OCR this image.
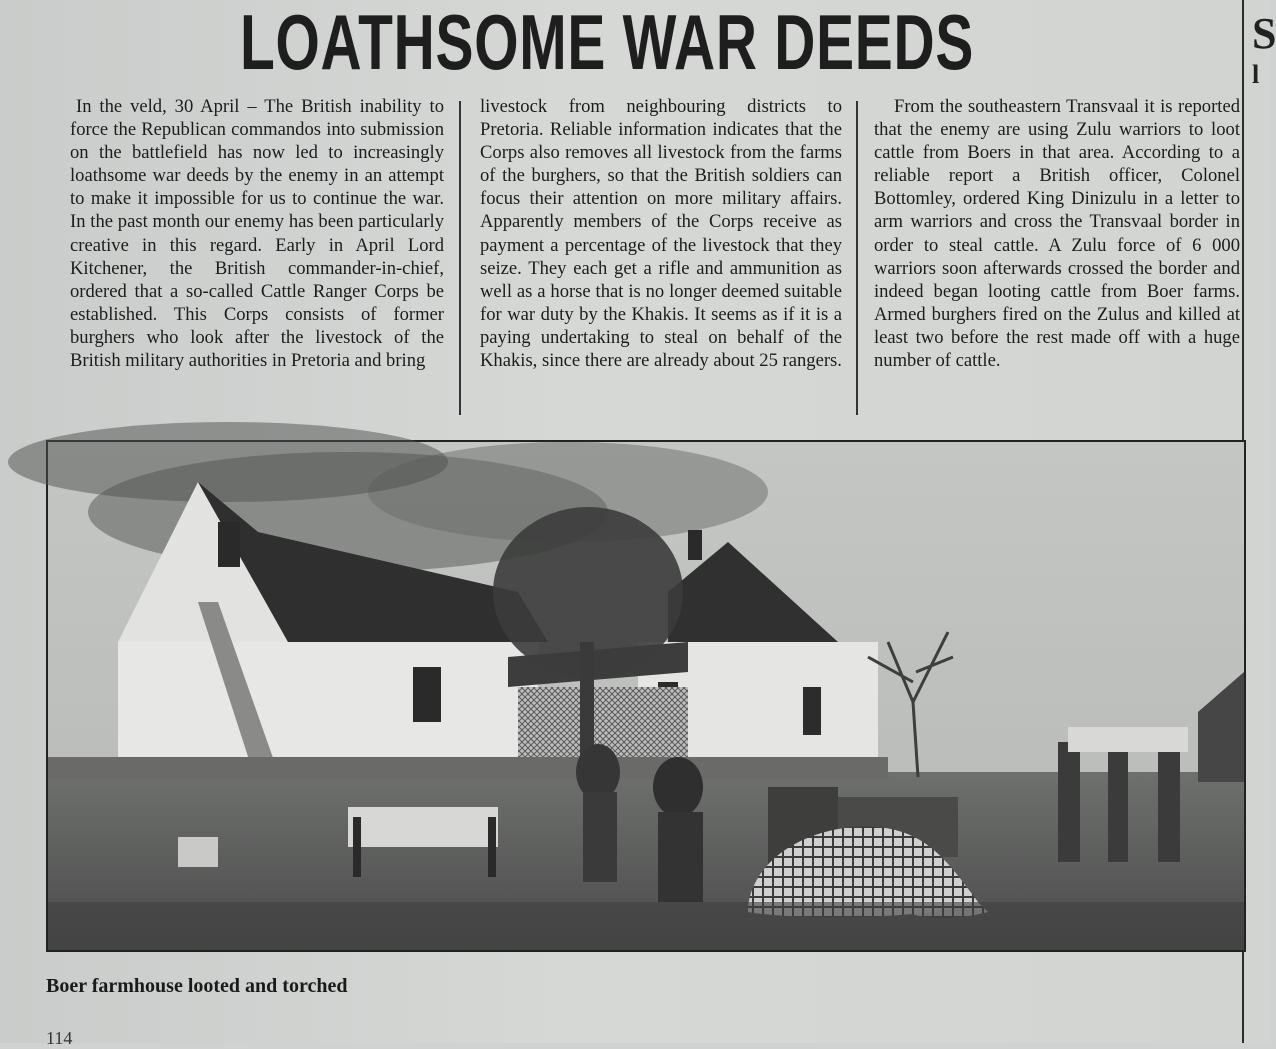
S
l
LOATHSOME WAR DEEDS

In the veld, 30 April – The British inability to force the Republican commandos into submission on the battlefield has now led to increasingly loathsome war deeds by the enemy in an attempt to make it impossible for us to continue the war. In the past month our enemy has been particularly creative in this regard. Early in April Lord Kitchener, the British commander-in-chief, ordered that a so-called Cattle Ranger Corps be established. This Corps consists of former burghers who look after the livestock of the British military authorities in Pretoria and bring

livestock from neighbouring districts to Pretoria. Reliable information indicates that the Corps also removes all livestock from the farms of the burghers, so that the British soldiers can focus their attention on more military affairs. Apparently members of the Corps receive as payment a percentage of the livestock that they seize. They each get a rifle and ammunition as well as a horse that is no longer deemed suitable for war duty by the Khakis. It seems as if it is a paying undertaking to steal on behalf of the Khakis, since there are already about 25 rangers.

From the southeastern Transvaal it is reported that the enemy are using Zulu warriors to loot cattle from Boers in that area. According to a reliable report a British officer, Colonel Bottomley, ordered King Dinizulu in a letter to arm warriors and cross the Transvaal border in order to steal cattle. A Zulu force of 6 000 warriors soon afterwards crossed the border and indeed began looting cattle from Boer farms. Armed burghers fired on the Zulus and killed at least two before the rest made off with a huge number of cattle.

Boer farmhouse looted and torched
114
